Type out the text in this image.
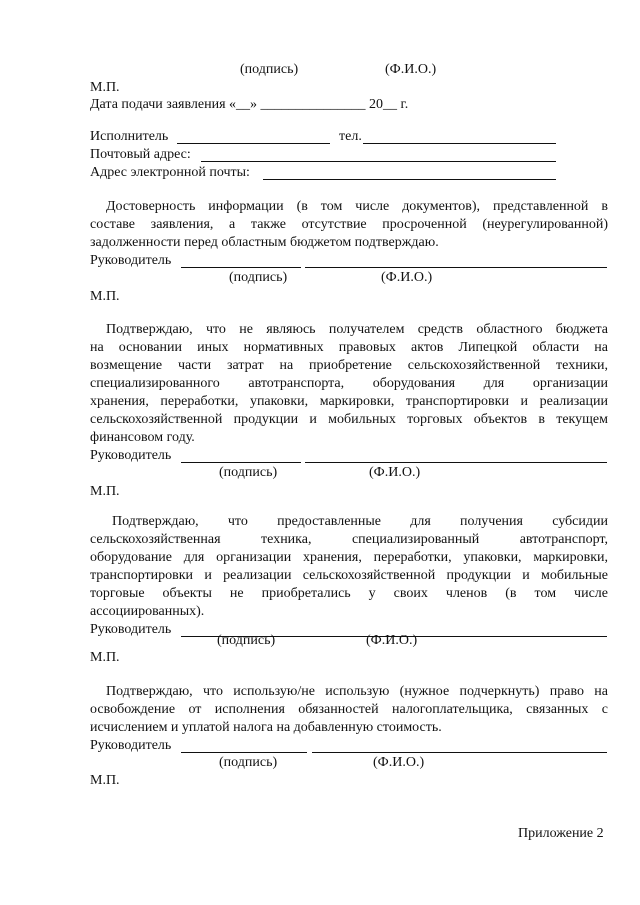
(подпись)	(Ф.И.О.)
М.П.
Дата подачи заявления «__» _______________ 20__ г.
Исполнитель	тел.
Почтовый адрес:
Адрес электронной почты:
Достоверность информации (в том числе документов), представленной в
составе заявления, а также отсутствие просроченной (неурегулированной)
задолженности перед областным бюджетом подтверждаю.
Руководитель
(подпись)	(Ф.И.О.)
М.П.
Подтверждаю, что не являюсь получателем средств областного бюджета
на основании иных нормативных правовых актов Липецкой области на
возмещение части затрат на приобретение сельскохозяйственной техники,
специализированного автотранспорта, оборудования для организации
хранения, переработки, упаковки, маркировки, транспортировки и реализации
сельскохозяйственной продукции и мобильных торговых объектов в текущем
финансовом году.
Руководитель
(подпись)	(Ф.И.О.)
М.П.
Подтверждаю, что предоставленные для получения субсидии
сельскохозяйственная техника, специализированный автотранспорт,
оборудование для организации хранения, переработки, упаковки, маркировки,
транспортировки и реализации сельскохозяйственной продукции и мобильные
торговые объекты не приобретались у своих членов (в том числе
ассоциированных).
Руководитель
(подпись)	(Ф.И.О.)
М.П.
Подтверждаю, что использую/не использую (нужное подчеркнуть) право на
освобождение от исполнения обязанностей налогоплательщика, связанных с
исчислением и уплатой налога на добавленную стоимость.
Руководитель
(подпись)	(Ф.И.О.)
М.П.
Приложение 2
